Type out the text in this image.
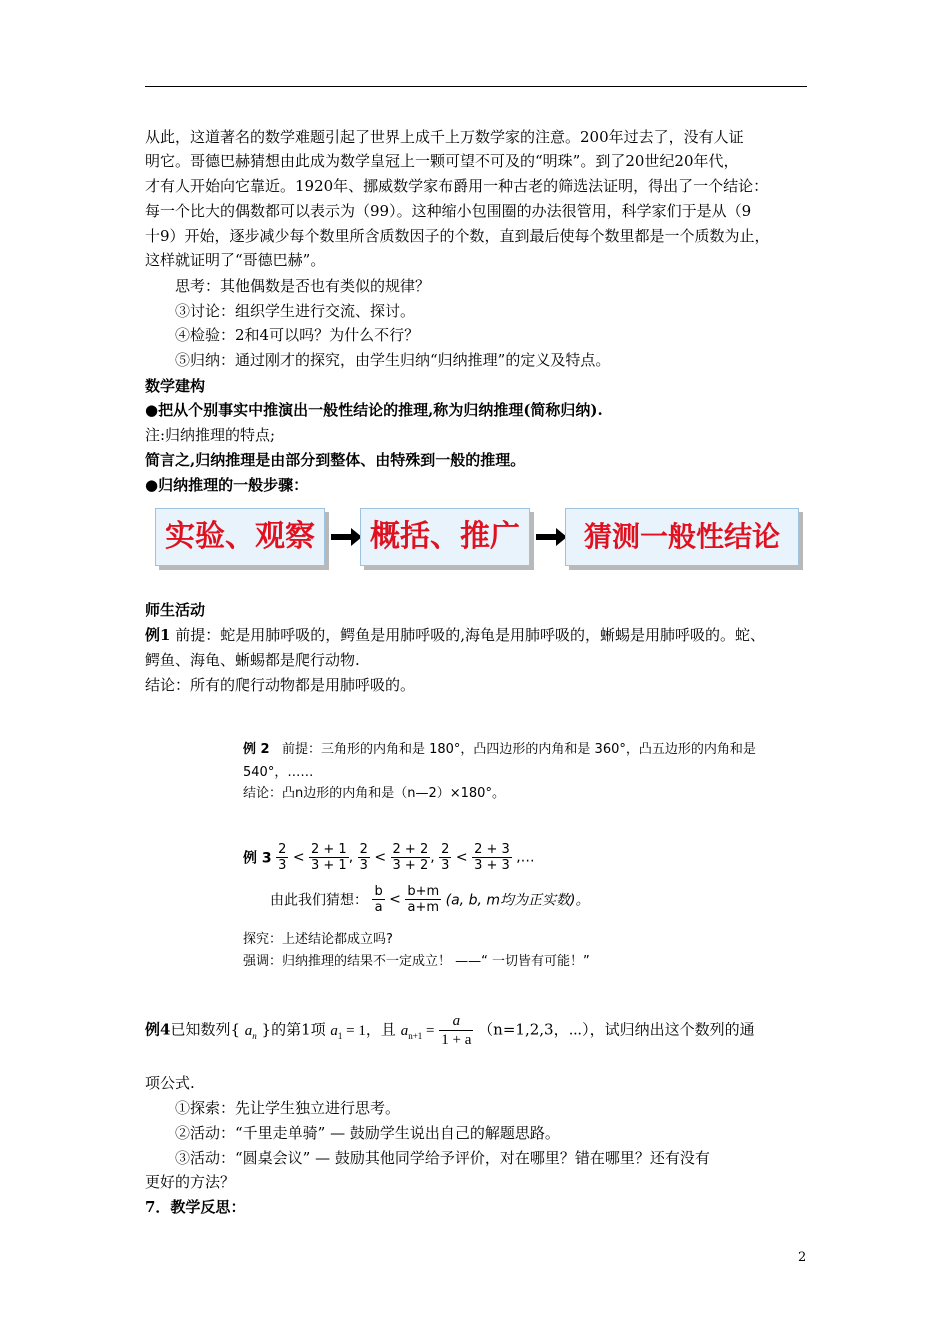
从此，这道著名的数学难题引起了世界上成千上万数学家的注意。200年过去了，没有人证
明它。哥德巴赫猜想由此成为数学皇冠上一颗可望不可及的“明珠”。到了20世纪20年代，
才有人开始向它靠近。1920年、挪威数学家布爵用一种古老的筛选法证明，得出了一个结论：
每一个比大的偶数都可以表示为（99）。这种缩小包围圈的办法很管用，科学家们于是从（9
十9）开始，逐步减少每个数里所含质数因子的个数，直到最后使每个数里都是一个质数为止，
这样就证明了“哥德巴赫”。
思考：其他偶数是否也有类似的规律？
③讨论：组织学生进行交流、探讨。
④检验：2和4可以吗？为什么不行？
⑤归纳：通过刚才的探究，由学生归纳“归纳推理”的定义及特点。
数学建构
●把从个别事实中推演出一般性结论的推理,称为归纳推理(简称归纳).
注:归纳推理的特点;
简言之,归纳推理是由部分到整体、由特殊到一般的推理。
●归纳推理的一般步骤：
实验、观察	概括、推广	猜测一般性结论
师生活动
例1 前提：蛇是用肺呼吸的，鳄鱼是用肺呼吸的,海龟是用肺呼吸的，蜥蜴是用肺呼吸的。蛇、
鳄鱼、海龟、蜥蜴都是爬行动物.
结论：所有的爬行动物都是用肺呼吸的。
例 2 前提：三角形的内角和是 180°，凸四边形的内角和是 360°，凸五边形的内角和是
540°，……
结论：凸n边形的内角和是（n—2）×180°。
例 $3 \frac{2}{3} < \frac{2 + 1}{3 + 1}$ , $\frac{2}{3} < \frac{2 + 2}{3 + 2}$ , $\frac{2}{3} < \frac{2 + 3}{3 + 3}$ ,…
由此我们猜想： $\frac{b}{a} < \frac{b+m}{a+m} (a$, b, m均为正实数)。
探究：上述结论都成立吗?
强调：归纳推理的结果不一定成立！ ——“ 一切皆有可能！”
例4已知数列{ $a_n$ }的第1项 $a_1 = 1$，且 $a_{n+1} = \frac{a}{1 + a} (n=1,2,3$，⋯），试归纳出这个数列的通
项公式.
①探索：先让学生独立进行思考。
②活动：“千里走单骑” — 鼓励学生说出自己的解题思路。
③活动：“圆桌会议” — 鼓励其他同学给予评价，对在哪里？错在哪里？还有没有
更好的方法？
7．教学反思：
2
